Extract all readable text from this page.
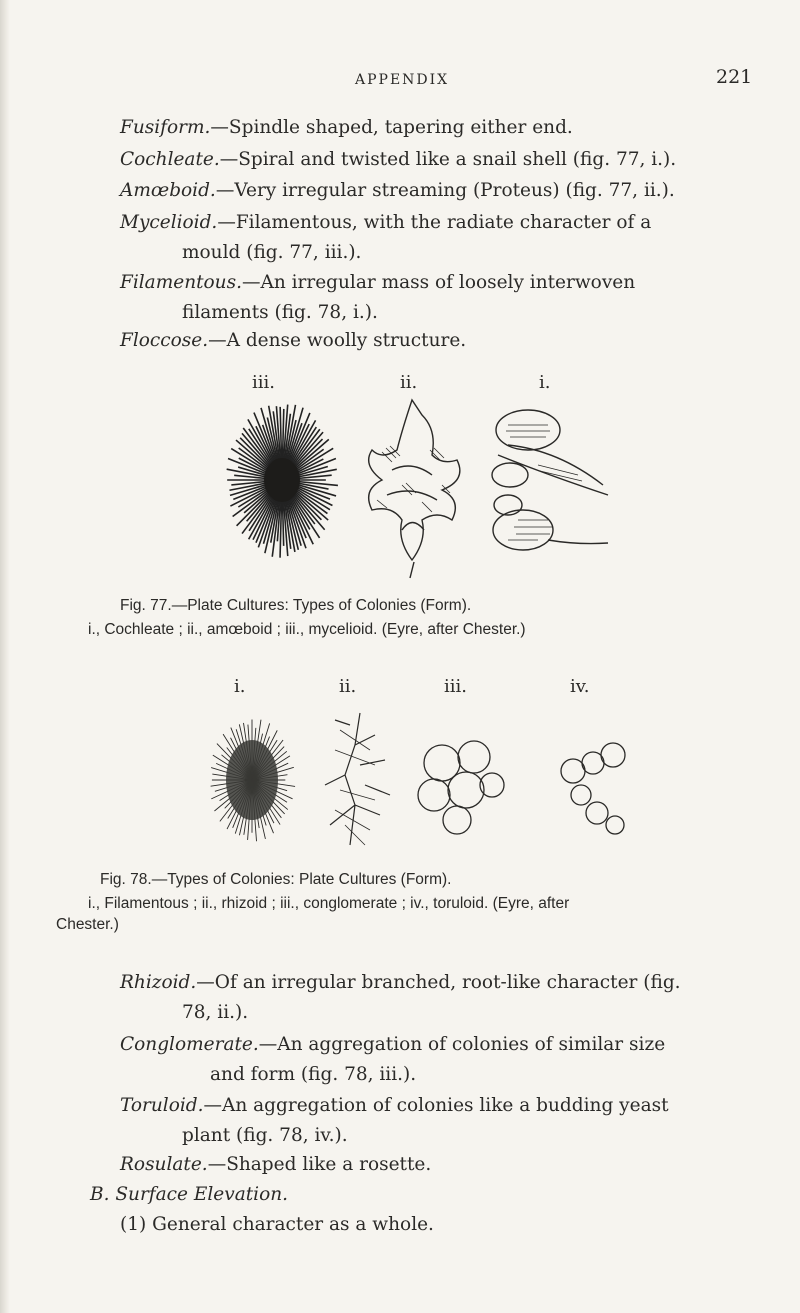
APPENDIX	221
Fusiform.—Spindle shaped, tapering either end.
Cochleate.—Spiral and twisted like a snail shell (fig. 77, i.).
Amœboid.—Very irregular streaming (Proteus) (fig. 77, ii.).
Mycelioid.—Filamentous, with the radiate character of a
mould (fig. 77, iii.).
Filamentous.—An irregular mass of loosely interwoven
filaments (fig. 78, i.).
Floccose.—A dense woolly structure.
iii.	ii.	i.
Fig. 77.—Plate Cultures: Types of Colonies (Form).
i., Cochleate ; ii., amœboid ; iii., mycelioid. (Eyre, after Chester.)
i.	ii.	iii.	iv.
Fig. 78.—Types of Colonies: Plate Cultures (Form).
i., Filamentous ; ii., rhizoid ; iii., conglomerate ; iv., toruloid. (Eyre, after
Chester.)
Rhizoid.—Of an irregular branched, root-like character (fig.
78, ii.).
Conglomerate.—An aggregation of colonies of similar size
and form (fig. 78, iii.).
Toruloid.—An aggregation of colonies like a budding yeast
plant (fig. 78, iv.).
Rosulate.—Shaped like a rosette.
B. Surface Elevation.
(1) General character as a whole.
